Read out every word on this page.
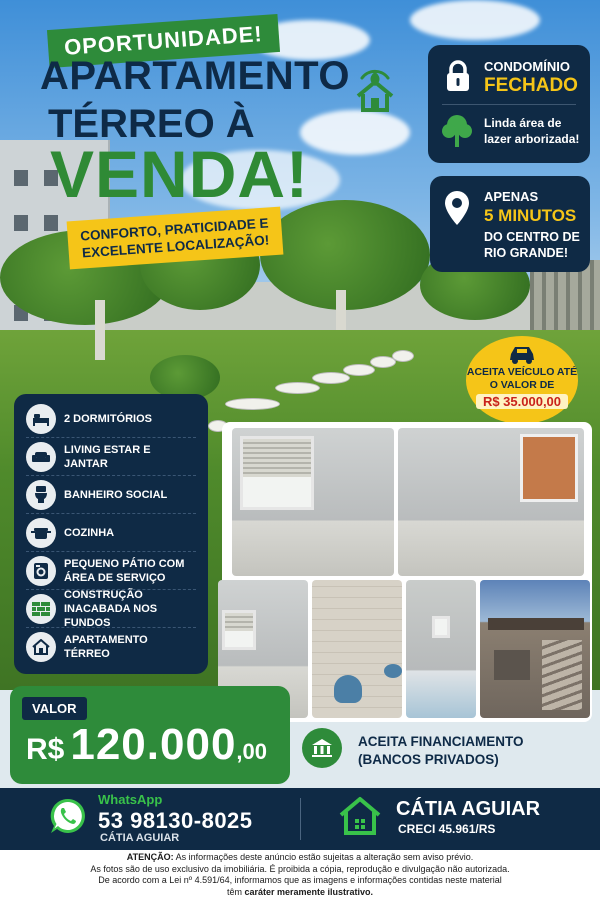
OPORTUNIDADE!
APARTAMENTO
TÉRREO À
VENDA!
CONFORTO, PRATICIDADE E EXCELENTE LOCALIZAÇÃO!
CONDOMÍNIO
FECHADO
Linda área de lazer arborizada!
APENAS
5 MINUTOS
DO CENTRO DE RIO GRANDE!
ACEITA VEÍCULO ATÉ O VALOR DE
R$ 35.000,00
2 DORMITÓRIOS
LIVING ESTAR E JANTAR
BANHEIRO SOCIAL
COZINHA
PEQUENO PÁTIO COM ÁREA DE SERVIÇO
CONSTRUÇÃO INACABADA NOS FUNDOS
APARTAMENTO TÉRREO
VALOR
R$ 120.000 ,00	ACEITA FINANCIAMENTO
(BANCOS PRIVADOS)
WhatsApp
53 98130-8025
CÁTIA AGUIAR
CÁTIA AGUIAR
CRECI 45.961/RS
ATENÇÃO: As informações deste anúncio estão sujeitas a alteração sem aviso prévio.
As fotos são de uso exclusivo da imobiliária. É proibida a cópia, reprodução e divulgação não autorizada.
De acordo com a Lei nº 4.591/64, informamos que as imagens e informações contidas neste material
têm caráter meramente ilustrativo.
